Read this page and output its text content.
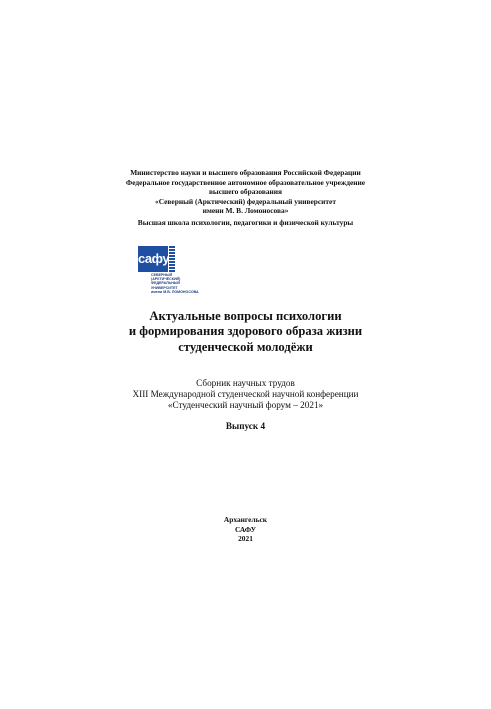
Министерство науки и высшего образования Российской Федерации
Федеральное государственное автономное образовательное учреждение
высшего образования
«Северный (Арктический) федеральный университет
имени М. В. Ломоносова»
Высшая школа психологии, педагогики и физической культуры
сафу
СЕВЕРНЫЙ
(АРКТИЧЕСКИЙ)
ФЕДЕРАЛЬНЫЙ
УНИВЕРСИТЕТ
имени М.В. ЛОМОНОСОВА
Актуальные вопросы психологии
и формирования здорового образа жизни
студенческой молодёжи
Сборник научных трудов
XIII Международной студенческой научной конференции
«Студенческий научный форум – 2021»
Выпуск 4
Архангельск
САФУ
2021
